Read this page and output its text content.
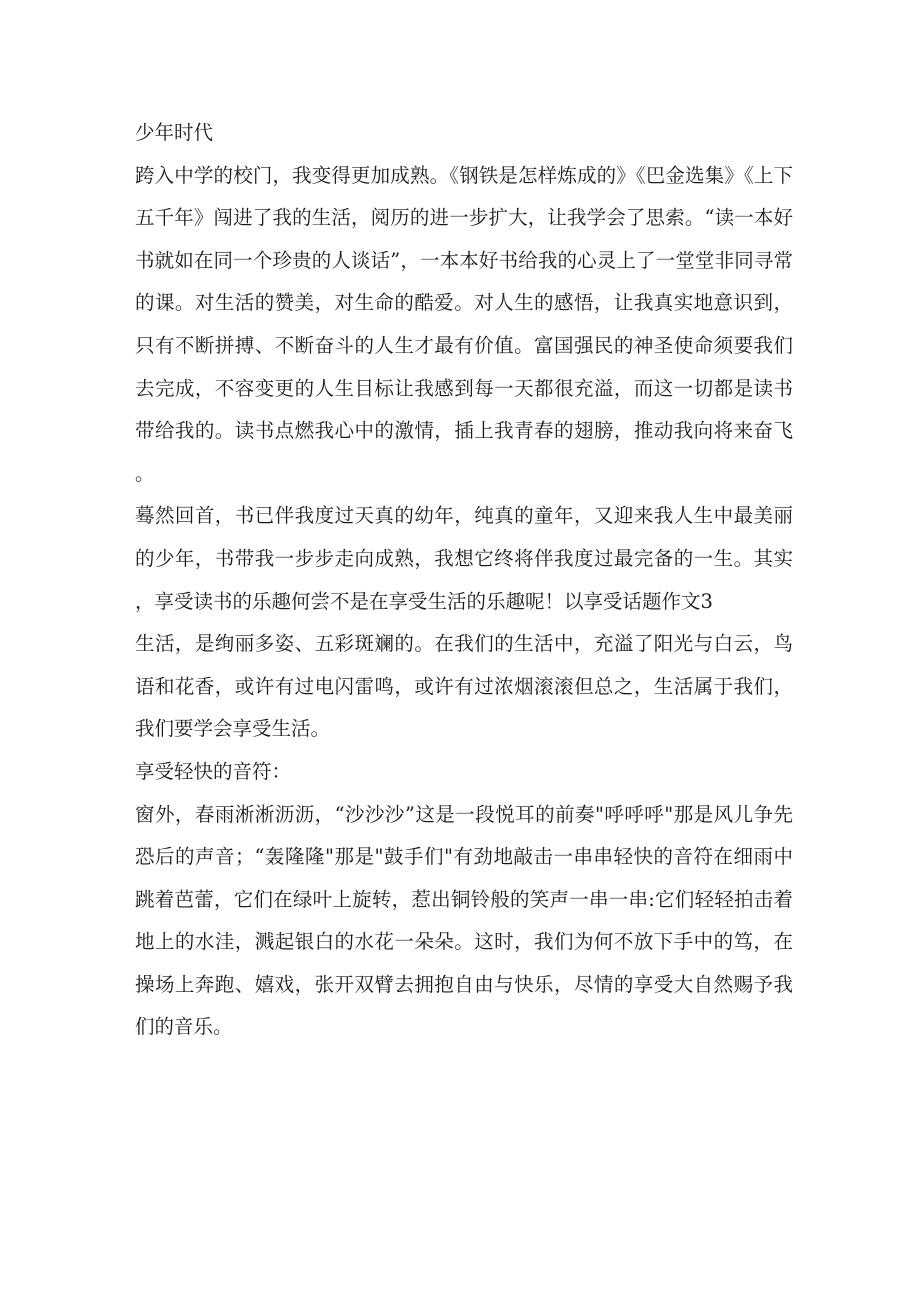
少年时代

跨入中学的校门，我变得更加成熟。《钢铁是怎样炼成的》《巴金选集》《上下五千年》闯进了我的生活，阅历的进一步扩大，让我学会了思索。“读一本好书就如在同一个珍贵的人谈话”，一本本好书给我的心灵上了一堂堂非同寻常的课。对生活的赞美，对生命的酷爱。对人生的感悟，让我真实地意识到，只有不断拼搏、不断奋斗的人生才最有价值。富国强民的神圣使命须要我们去完成，不容变更的人生目标让我感到每一天都很充溢，而这一切都是读书带给我的。读书点燃我心中的激情，插上我青春的翅膀，推动我向将来奋飞。

蓦然回首，书已伴我度过天真的幼年，纯真的童年，又迎来我人生中最美丽的少年，书带我一步步走向成熟，我想它终将伴我度过最完备的一生。其实，享受读书的乐趣何尝不是在享受生活的乐趣呢！以享受话题作文3

生活，是绚丽多姿、五彩斑斓的。在我们的生活中，充溢了阳光与白云，鸟语和花香，或许有过电闪雷鸣，或许有过浓烟滚滚但总之，生活属于我们，我们要学会享受生活。

享受轻快的音符：

窗外，春雨淅淅沥沥，“沙沙沙”这是一段悦耳的前奏"呼呼呼"那是风儿争先恐后的声音；“轰隆隆"那是"鼓手们"有劲地敲击一串串轻快的音符在细雨中跳着芭蕾，它们在绿叶上旋转，惹出铜铃般的笑声一串一串:它们轻轻拍击着地上的水洼，溅起银白的水花一朵朵。这时，我们为何不放下手中的笃，在操场上奔跑、嬉戏，张开双臂去拥抱自由与快乐，尽情的享受大自然赐予我们的音乐。
